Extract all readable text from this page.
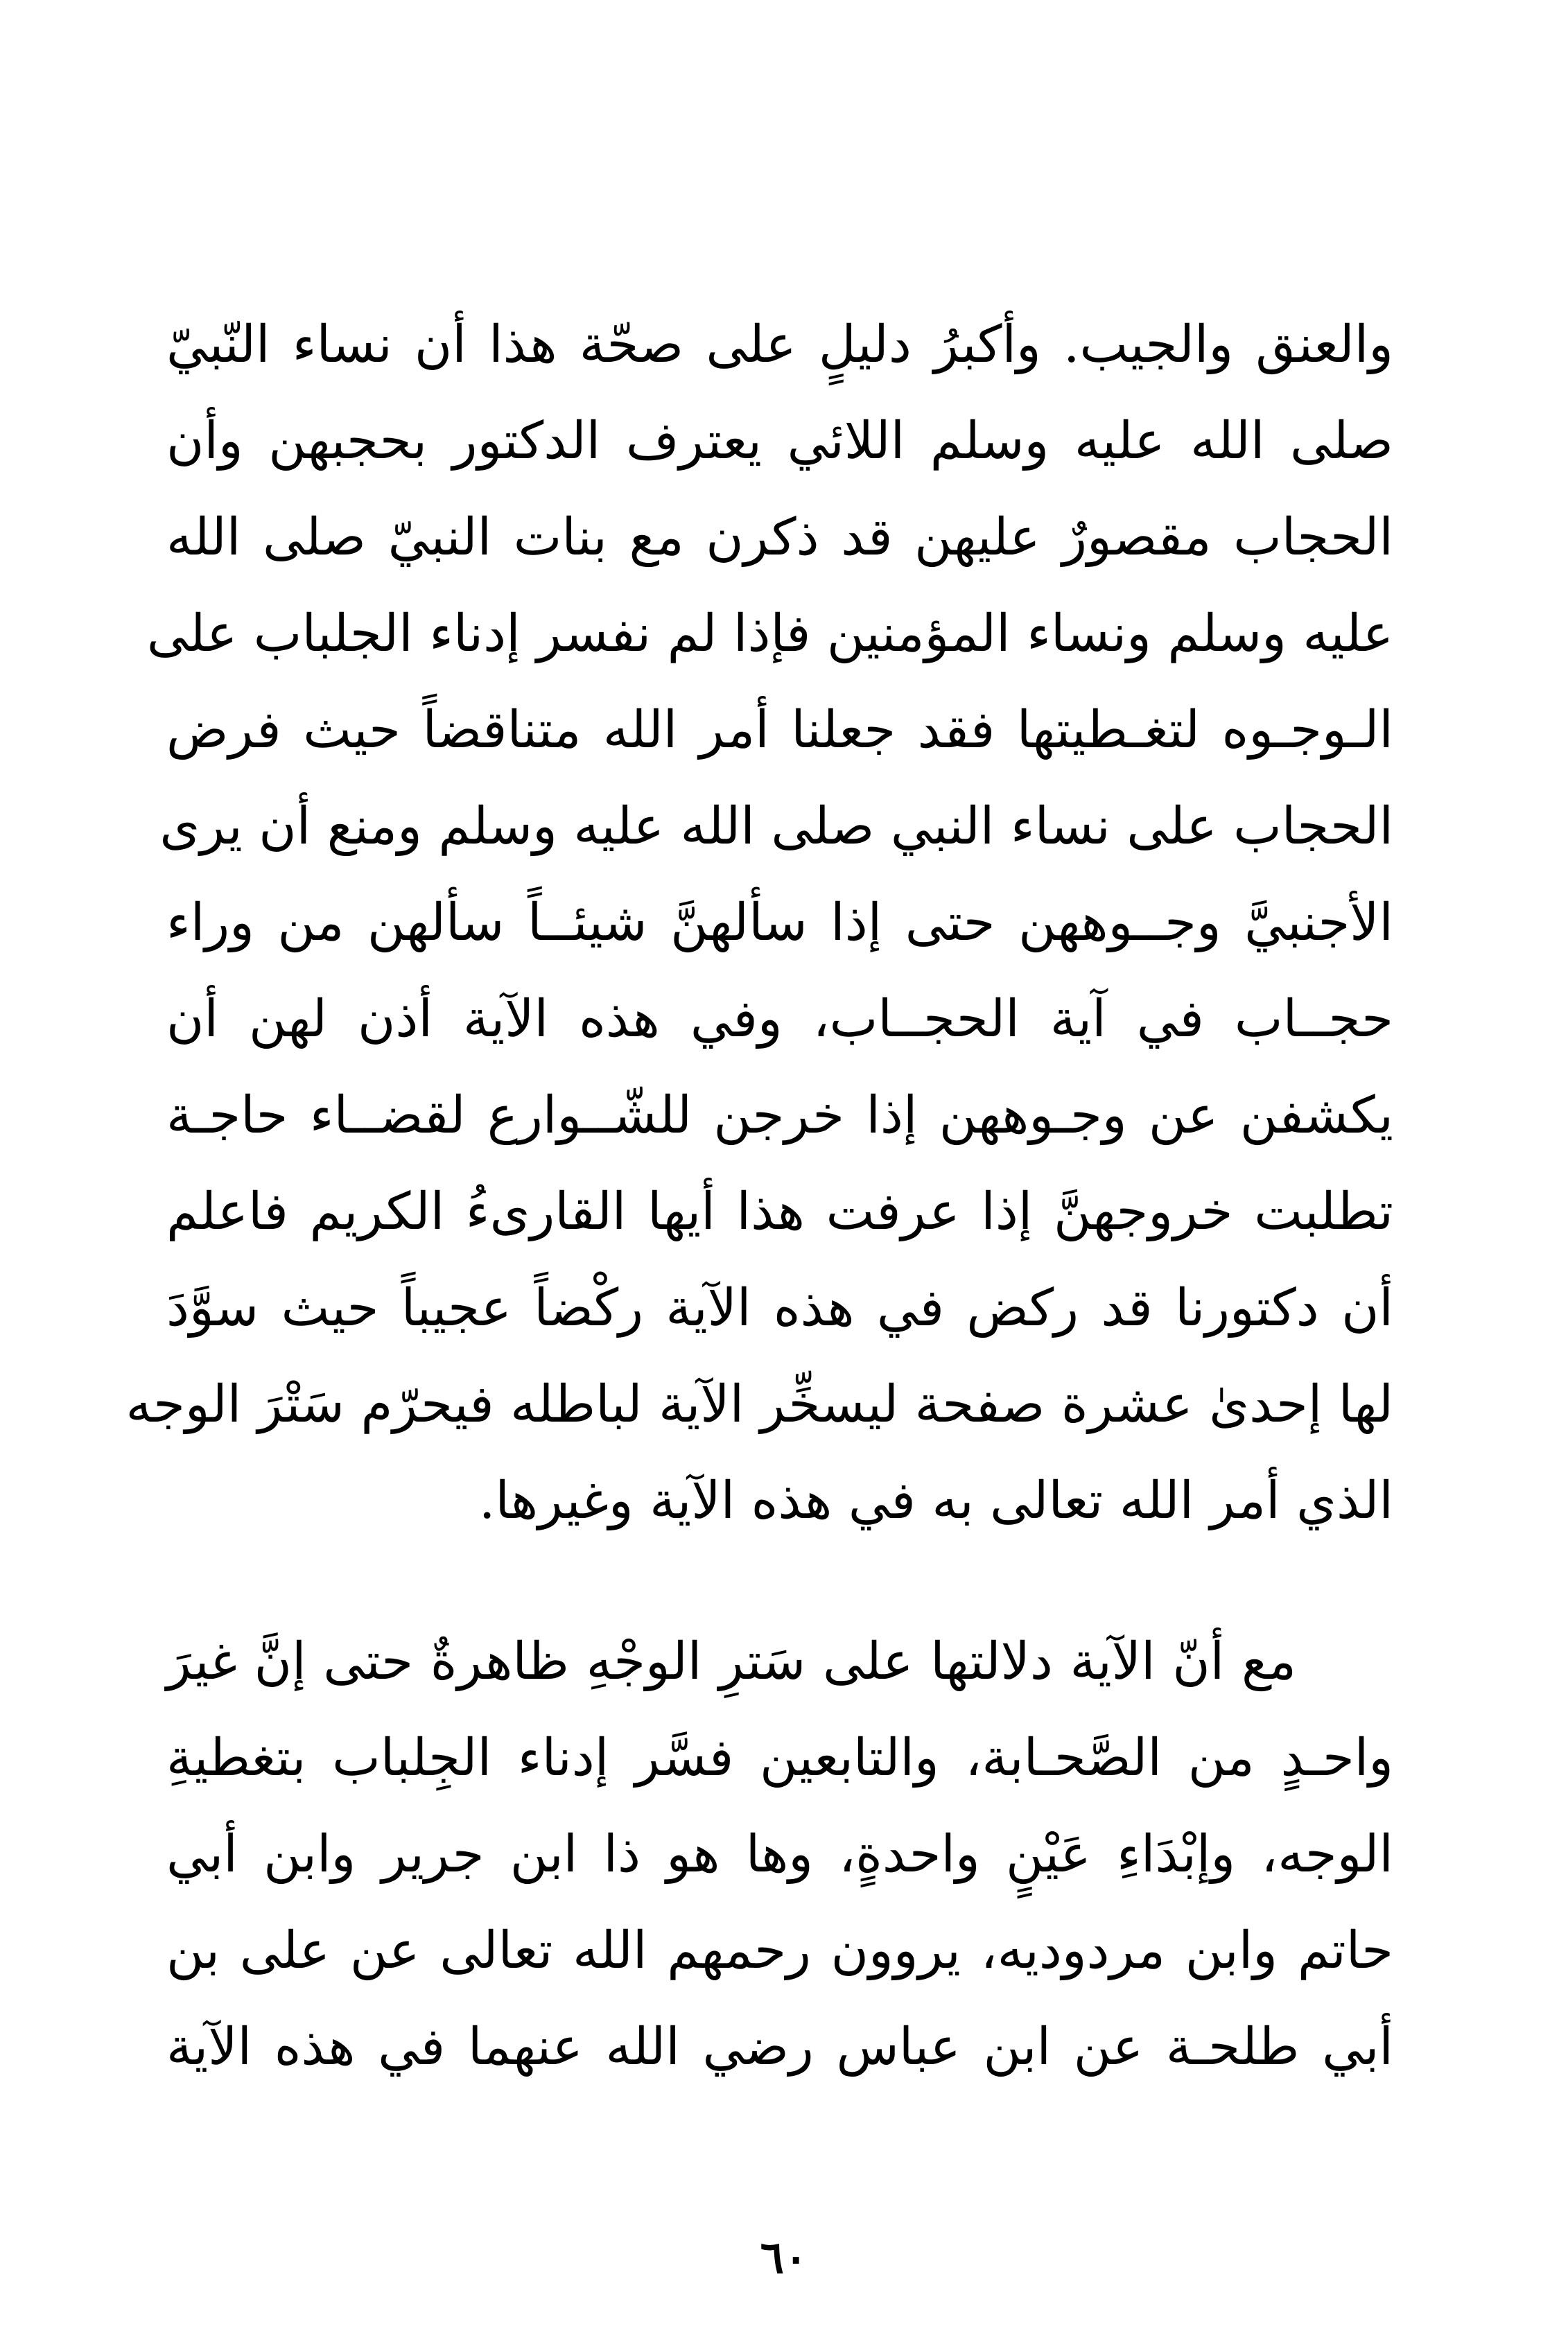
والعنق والجيب. وأكبرُ دليلٍ على صحّة هذا أن نساء النّبيّ
صلى الله عليه وسلم اللائي يعترف الدكتور بحجبهن وأن
الحجاب مقصورٌ عليهن قد ذكرن مع بنات النبيّ صلى الله
عليه وسلم ونساء المؤمنين فإذا لم نفسر إدناء الجلباب على
الـوجـوه لتغـطيتها فقد جعلنا أمر الله متناقضاً حيث فرض
الحجاب على نساء النبي صلى الله عليه وسلم ومنع أن يرى
الأجنبيَّ وجــوههن حتى إذا سألهنَّ شيئــاً سألهن من وراء
حجــاب في آية الحجــاب، وفي هذه الآية أذن لهن أن
يكشفن عن وجـوههن إذا خرجن للشّــوارع لقضــاء حاجـة
تطلبت خروجهنَّ إذا عرفت هذا أيها القارىءُ الكريم فاعلم
أن دكتورنا قد ركض في هذه الآية ركْضاً عجيباً حيث سوَّدَ
لها إحدىٰ عشرة صفحة ليسخِّر الآية لباطله فيحرّم سَتْرَ الوجه
الذي أمر الله تعالى به في هذه الآية وغيرها.
مع أنّ الآية دلالتها على سَترِ الوجْهِ ظاهرةٌ حتى إنَّ غيرَ
واحـدٍ من الصَّحـابة، والتابعين فسَّر إدناء الجِلباب بتغطيةِ
الوجه، وإبْدَاءِ عَيْنٍ واحدةٍ، وها هو ذا ابن جرير وابن أبي
حاتم وابن مردوديه، يروون رحمهم الله تعالى عن على بن
أبي طلحـة عن ابن عباس رضي الله عنهما في هذه الآية
٦٠
